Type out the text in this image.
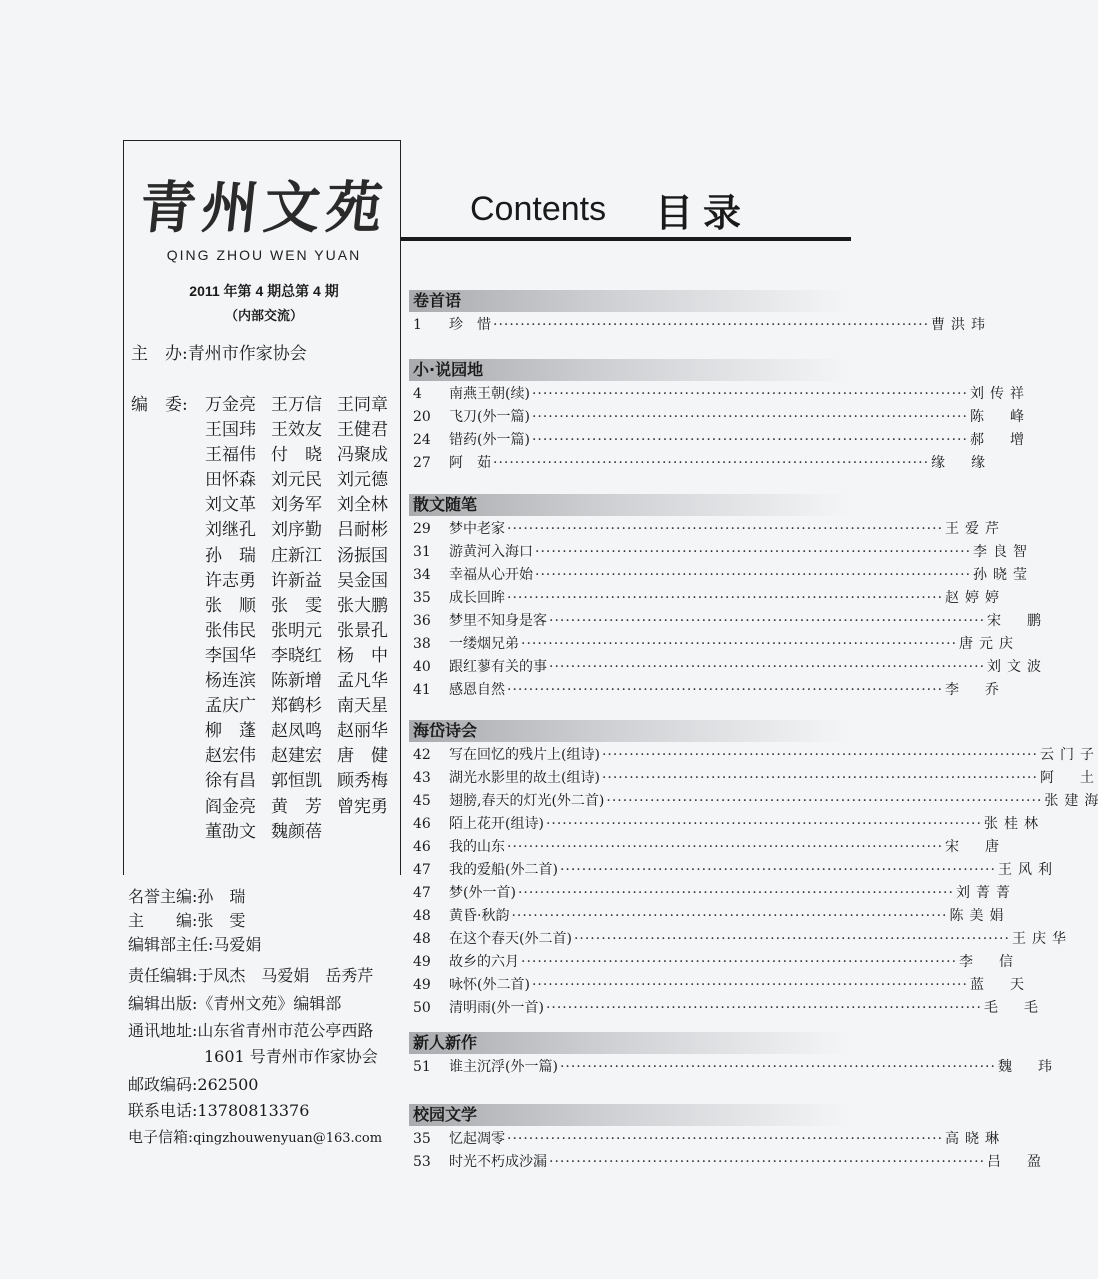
青州文苑
QING ZHOU WEN YUAN
2011 年第 4 期总第 4 期
（内部交流）
主　办:青州市作家协会
编　委: 万金亮 王万信 王同章
王国玮 王效友 王健君
王福伟 付　晓 冯聚成
田怀森 刘元民 刘元德
刘文革 刘务军 刘全林
刘继孔 刘序勤 吕耐彬
孙　瑞 庄新江 汤振国
许志勇 许新益 吴金国
张　顺 张　雯 张大鹏
张伟民 张明元 张景孔
李国华 李晓红 杨　中
杨连滨 陈新增 孟凡华
孟庆广 郑鹤杉 南天星
柳　蓬 赵凤鸣 赵丽华
赵宏伟 赵建宏 唐　健
徐有昌 郭恒凯 顾秀梅
阎金亮 黄　芳 曾宪勇
董劭文 魏颜蓓
名誉主编:孙　瑞
主　　编:张　雯
编辑部主任:马爱娟
责任编辑:于凤杰　马爱娟　岳秀芹
编辑出版:《青州文苑》编辑部
通讯地址:山东省青州市范公亭西路
1601 号青州市作家协会
邮政编码:262500
联系电话:13780813376
电子信箱:qingzhouwenyuan@163.com
Contents 目录
卷首语
1	珍　惜 ················································································ 曹洪玮
小·说园地
4	南燕王朝(续) ················································································ 刘传祥
20	飞刀(外一篇) ················································································ 陈　峰
24	错药(外一篇) ················································································ 郝　增
27	阿　茹 ················································································ 缘　缘
散文随笔
29	梦中老家 ················································································ 王爱芹
31	游黄河入海口 ················································································ 李良智
34	幸福从心开始 ················································································ 孙晓莹
35	成长回眸 ················································································ 赵婷婷
36	梦里不知身是客 ················································································ 宋　鹏
38	一缕烟兄弟 ················································································ 唐元庆
40	跟红蓼有关的事 ················································································ 刘文波
41	感恩自然 ················································································ 李　乔
海岱诗会
42	写在回忆的残片上(组诗) ················································································ 云门子
43	湖光水影里的故土(组诗) ················································································ 阿　土
45	翅膀,春天的灯光(外二首) ················································································ 张建海
46	陌上花开(组诗) ················································································ 张桂林
46	我的山东 ················································································ 宋　唐
47	我的爱船(外二首) ················································································ 王风利
47	梦(外一首) ················································································ 刘菁菁
48	黄昏·秋韵 ················································································ 陈美娟
48	在这个春天(外二首) ················································································ 王庆华
49	故乡的六月 ················································································ 李　信
49	咏怀(外二首) ················································································ 蓝　天
50	清明雨(外一首) ················································································ 毛　毛
新人新作
51	谁主沉浮(外一篇) ················································································ 魏　玮
校园文学
35	忆起凋零 ················································································ 高晓琳
53	时光不朽成沙漏 ················································································ 吕　盈
